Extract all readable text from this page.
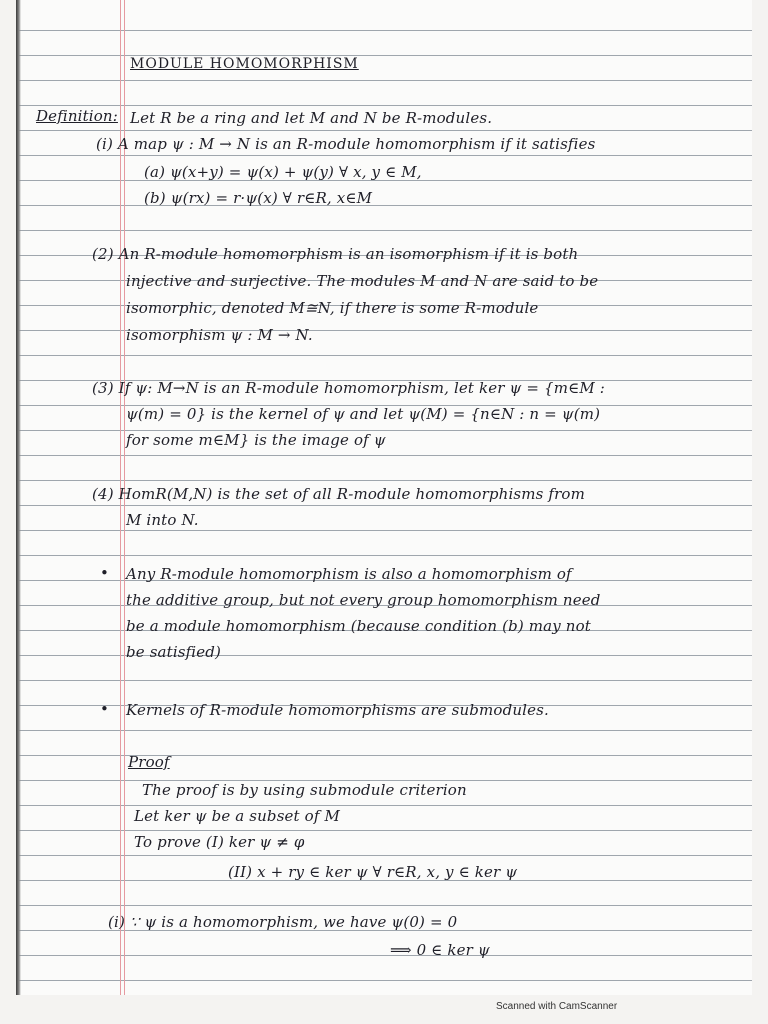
MODULE HOMOMORPHISM
Definition: Let R be a ring and let M and N be R-modules.
(i) A map ψ : M → N is an R-module homomorphism if it satisfies
(a) ψ(x+y) = ψ(x) + ψ(y) ∀ x, y ∈ M,
(b) ψ(rx) = r·ψ(x) ∀ r∈R, x∈M
(2) An R-module homomorphism is an isomorphism if it is both
injective and surjective. The modules M and N are said to be
isomorphic, denoted M≅N, if there is some R-module
isomorphism ψ : M → N.
(3) If ψ: M→N is an R-module homomorphism, let ker ψ = {m∈M :
ψ(m) = 0} is the kernel of ψ and let ψ(M) = {n∈N : n = ψ(m)
for some m∈M} is the image of ψ
(4) HomR(M,N) is the set of all R-module homomorphisms from
M into N.
• Any R-module homomorphism is also a homomorphism of
the additive group, but not every group homomorphism need
be a module homomorphism (because condition (b) may not
be satisfied)
• Kernels of R-module homomorphisms are submodules.
Proof
The proof is by using submodule criterion
Let ker ψ be a subset of M
To prove (I) ker ψ ≠ φ
(II) x + ry ∈ ker ψ ∀ r∈R, x, y ∈ ker ψ
(i) ∵ ψ is a homomorphism, we have ψ(0) = 0
⟹ 0 ∈ ker ψ
Scanned with CamScanner
